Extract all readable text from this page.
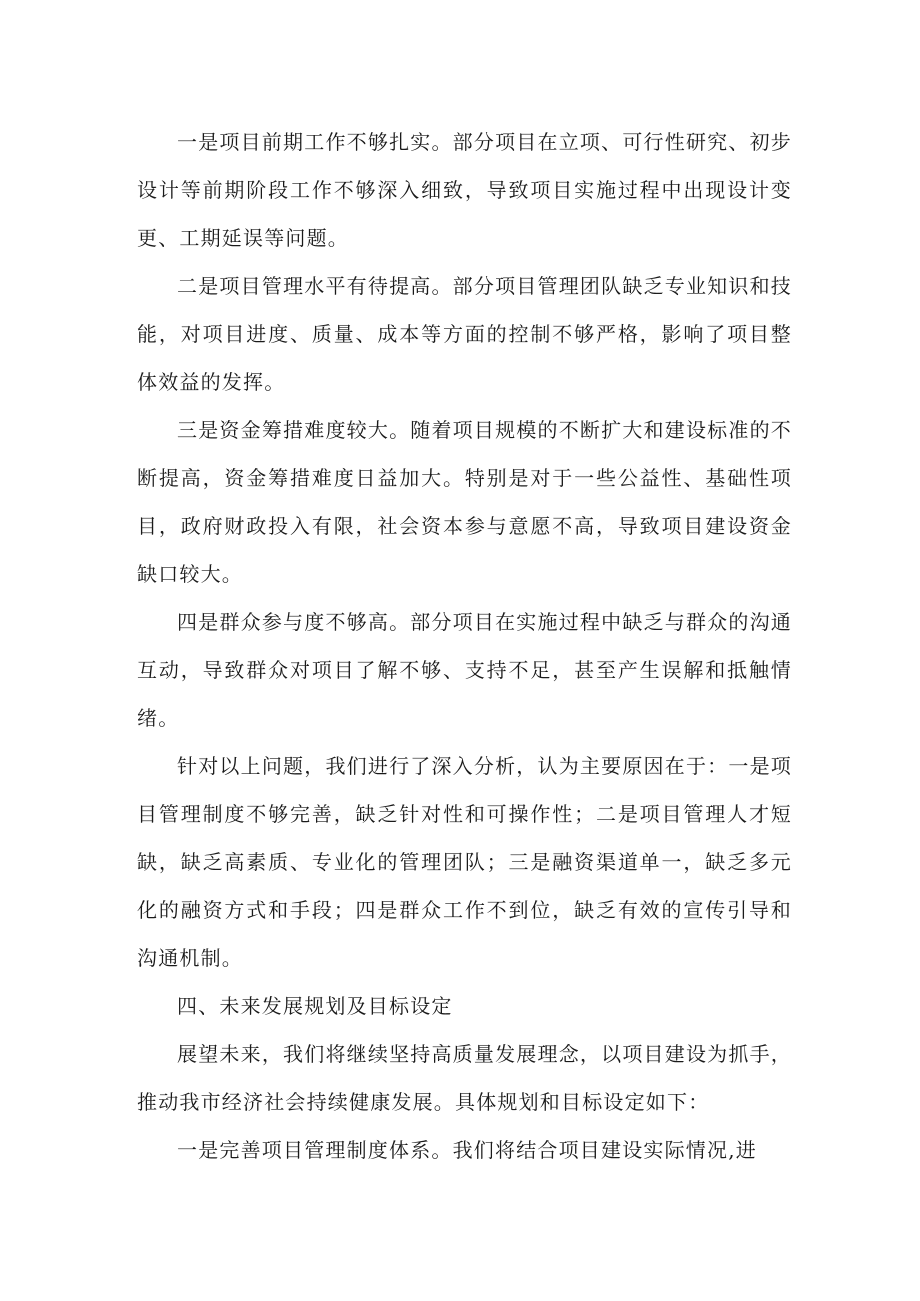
一是项目前期工作不够扎实。部分项目在立项、可行性研究、初步设计等前期阶段工作不够深入细致，导致项目实施过程中出现设计变更、工期延误等问题。

二是项目管理水平有待提高。部分项目管理团队缺乏专业知识和技能，对项目进度、质量、成本等方面的控制不够严格，影响了项目整体效益的发挥。

三是资金筹措难度较大。随着项目规模的不断扩大和建设标准的不断提高，资金筹措难度日益加大。特别是对于一些公益性、基础性项目，政府财政投入有限，社会资本参与意愿不高，导致项目建设资金缺口较大。

四是群众参与度不够高。部分项目在实施过程中缺乏与群众的沟通互动，导致群众对项目了解不够、支持不足，甚至产生误解和抵触情绪。

针对以上问题，我们进行了深入分析，认为主要原因在于：一是项目管理制度不够完善，缺乏针对性和可操作性；二是项目管理人才短缺，缺乏高素质、专业化的管理团队；三是融资渠道单一，缺乏多元化的融资方式和手段；四是群众工作不到位，缺乏有效的宣传引导和沟通机制。

四、未来发展规划及目标设定

展望未来，我们将继续坚持高质量发展理念，以项目建设为抓手，推动我市经济社会持续健康发展。具体规划和目标设定如下：

一是完善项目管理制度体系。我们将结合项目建设实际情况,进
